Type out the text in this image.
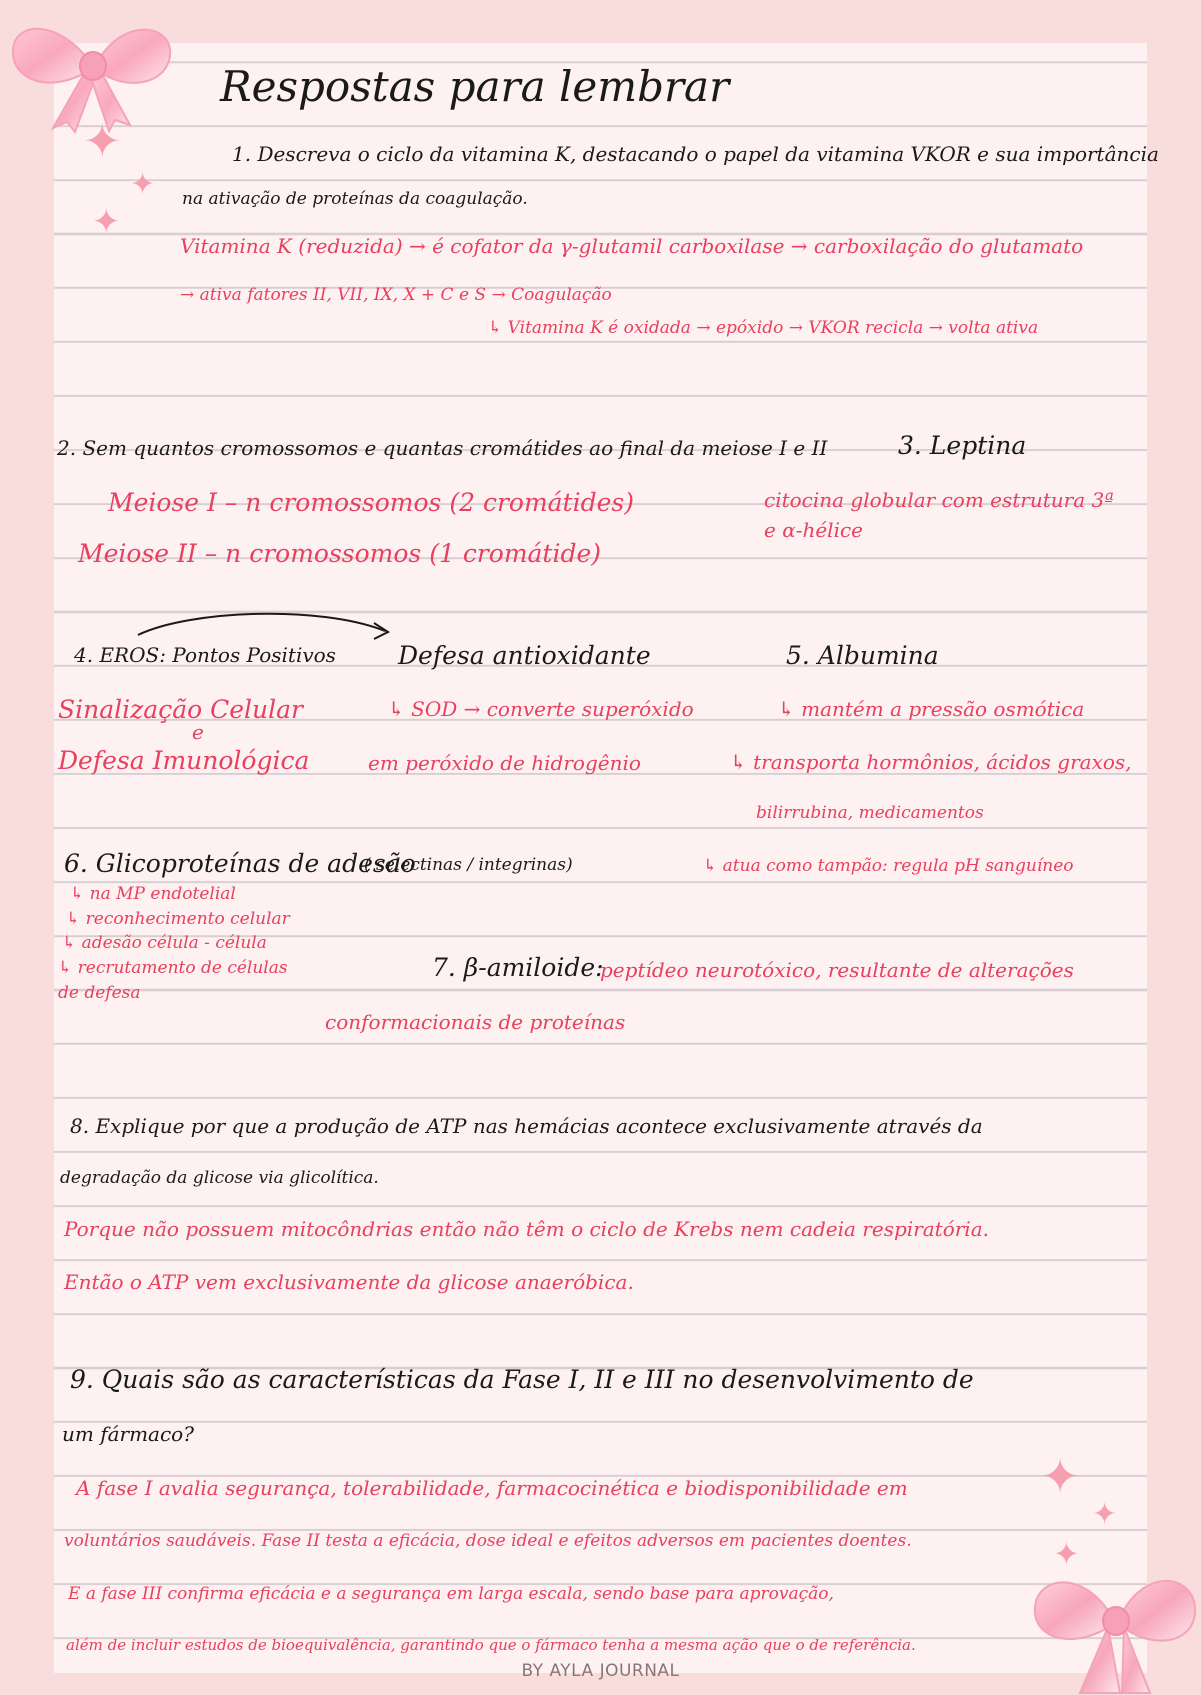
✦
✦
✦
✦
✦
✦
Respostas para lembrar
1. Descreva o ciclo da vitamina K, destacando o papel da vitamina VKOR e sua importância
na ativação de proteínas da coagulação.
Vitamina K (reduzida) → é cofator da γ-glutamil carboxilase → carboxilação do glutamato
→ ativa fatores II, VII, IX, X + C e S → Coagulação
↳ Vitamina K é oxidada → epóxido → VKOR recicla → volta ativa
2. Sem quantos cromossomos e quantas cromátides ao final da meiose I e II
Meiose I – n cromossomos (2 cromátides)
Meiose II – n cromossomos (1 cromátide)
3. Leptina
citocina globular com estrutura 3ª
e α-hélice
4. EROS: Pontos Positivos Defesa antioxidante
Sinalização Celular
e
Defesa Imunológica
↳ SOD → converte superóxido
em peróxido de hidrogênio
5. Albumina
↳ mantém a pressão osmótica
↳ transporta hormônios, ácidos graxos,
bilirrubina, medicamentos
↳ atua como tampão: regula pH sanguíneo
6. Glicoproteínas de adesão
( selectinas / integrinas)
↳ na MP endotelial
↳ reconhecimento celular
↳ adesão célula - célula
↳ recrutamento de células
de defesa
7. β-amiloide:
peptídeo neurotóxico, resultante de alterações
conformacionais de proteínas
8. Explique por que a produção de ATP nas hemácias acontece exclusivamente através da
degradação da glicose via glicolítica.
Porque não possuem mitocôndrias então não têm o ciclo de Krebs nem cadeia respiratória.
Então o ATP vem exclusivamente da glicose anaeróbica.
9. Quais são as características da Fase I, II e III no desenvolvimento de
um fármaco?
A fase I avalia segurança, tolerabilidade, farmacocinética e biodisponibilidade em
voluntários saudáveis. Fase II testa a eficácia, dose ideal e efeitos adversos em pacientes doentes.
E a fase III confirma eficácia e a segurança em larga escala, sendo base para aprovação,
além de incluir estudos de bioequivalência, garantindo que o fármaco tenha a mesma ação que o de referência.
BY AYLA JOURNAL
